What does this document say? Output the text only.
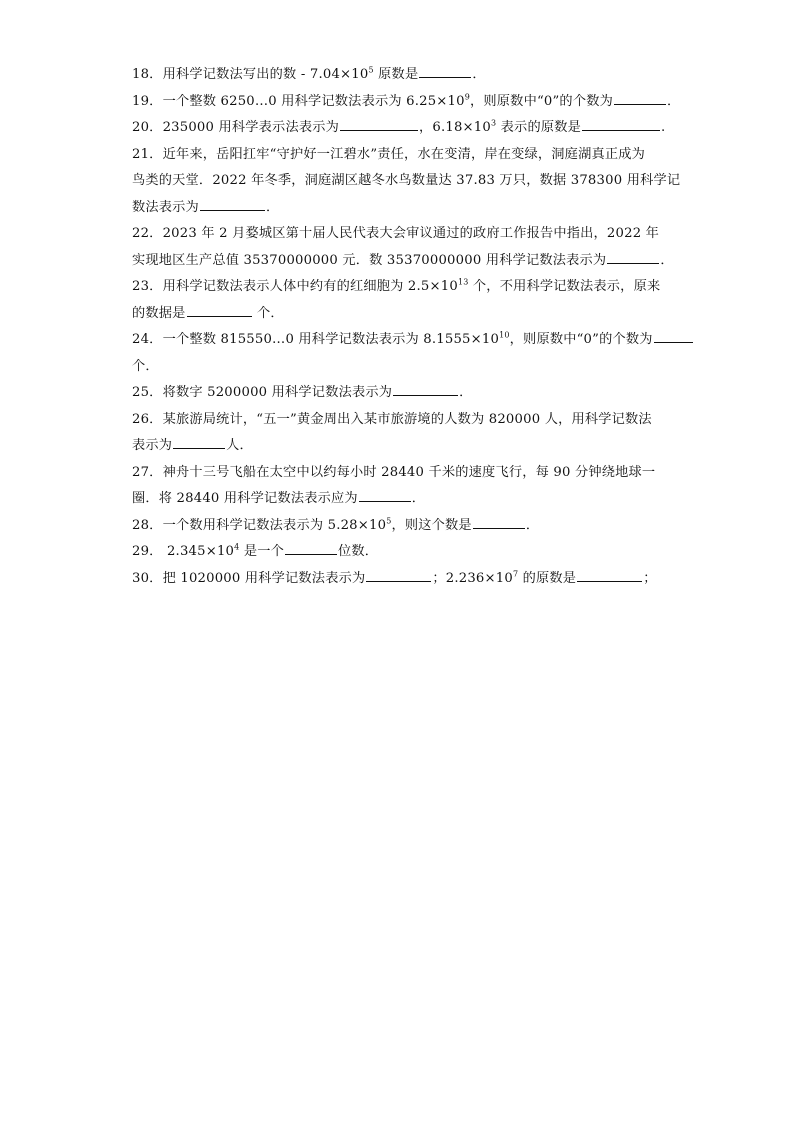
18．用科学记数法写出的数 - $7.04\times 10^5$ 原数是	．
19．一个整数 6250…0 用科学记数法表示为 $6.25\times 10^9$，则原数中“0”的个数为	．
20．235000 用科学表示法表示为	，$6.18\times 10^3$ 表示的原数是	.
21．近年来，岳阳扛牢“守护好一江碧水”责任，水在变清，岸在变绿，洞庭湖真正成为
鸟类的天堂．2022 年冬季，洞庭湖区越冬水鸟数量达 37.83 万只，数据 378300 用科学记
数法表示为	．
22．2023 年 2 月婺城区第十届人民代表大会审议通过的政府工作报告中指出，2022 年
实现地区生产总值 35370000000 元．数 35370000000 用科学记数法表示为	．
23．用科学记数法表示人体中约有的红细胞为 $2.5\times 10^{13}$ 个，不用科学记数法表示，原来
的数据是	个．
24．一个整数 815550…0 用科学记数法表示为 $8.1555\times 10^{10}$，则原数中“0”的个数为
个．
25．将数字 5200000 用科学记数法表示为	．
26．某旅游局统计，“五一”黄金周出入某市旅游境的人数为 820000 人，用科学记数法
表示为	人．
27．神舟十三号飞船在太空中以约每小时 28440 千米的速度飞行，每 90 分钟绕地球一
圈．将 28440 用科学记数法表示应为	．
28．一个数用科学记数法表示为 $5.28\times 10^5$，则这个数是	．
29． $2.345\times 10^4$ 是一个	位数．
30．把 1020000 用科学记数法表示为	；$2.236\times 10^7$ 的原数是	；
